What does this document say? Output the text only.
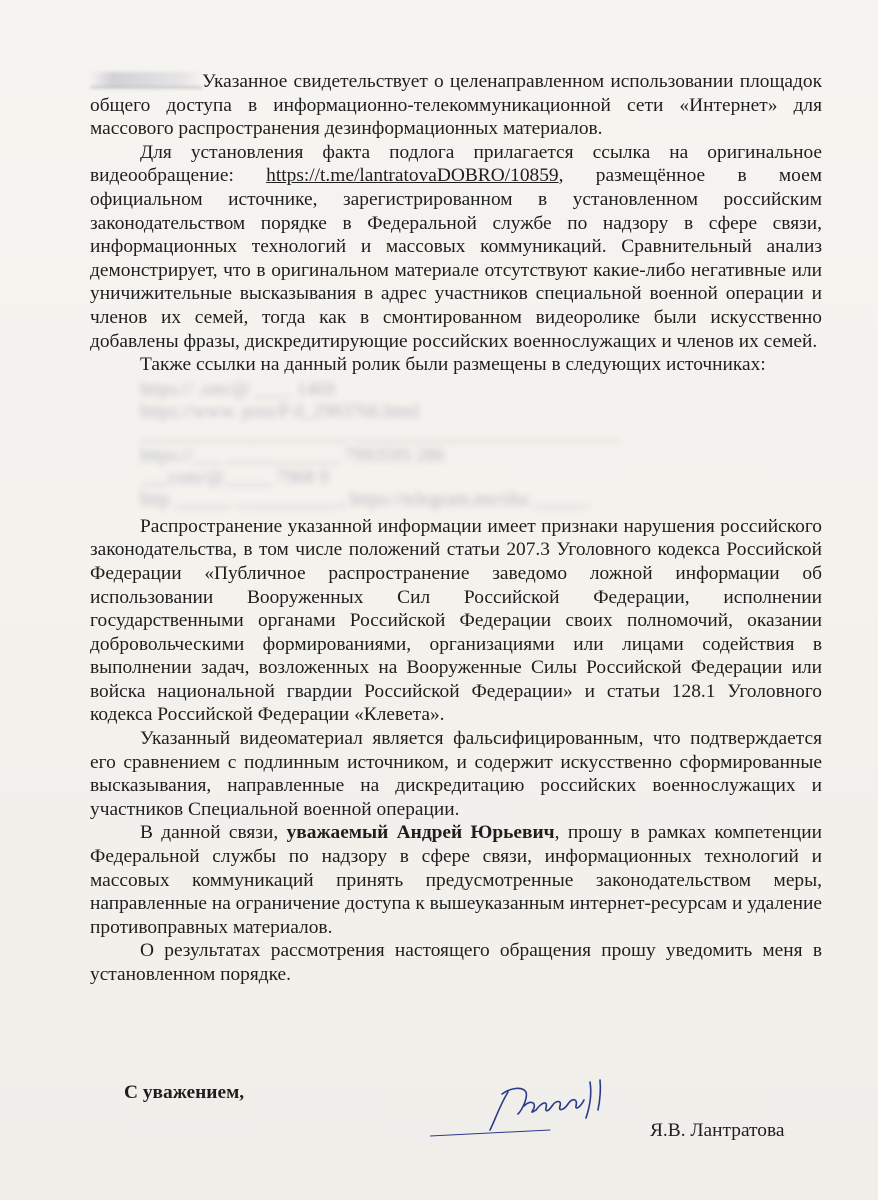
Указанное свидетельствует о целенаправленном использовании площадок общего доступа в информационно-телекоммуникационной сети «Интернет» для массового распространения дезинформационных материалов.

Для установления факта подлога прилагается ссылка на оригинальное видеообращение: https://t.me/lantratovaDOBRO/10859, размещённое в моем официальном источнике, зарегистрированном в установленном российским законодательством порядке в Федеральной службе по надзору в сфере связи, информационных технологий и массовых коммуникаций. Сравнительный анализ демонстрирует, что в оригинальном материале отсутствуют какие-либо негативные или уничижительные высказывания в адрес участников специальной военной операции и членов их семей, тогда как в смонтированном видеоролике были искусственно добавлены фразы, дискредитирующие российских военнослужащих и членов их семей.

Также ссылки на данный ролик были размещены в следующих источниках:

https:// .om/@ ____ 1469
https://www. post/P d_2983766.html
______________________ ____________________________
https://___ ____________ 7993595 286
___com/@_____ 7968 9
http ______ ___________, https://telegram.me/sha ______

Распространение указанной информации имеет признаки нарушения российского законодательства, в том числе положений статьи 207.3 Уголовного кодекса Российской Федерации «Публичное распространение заведомо ложной информации об использовании Вооруженных Сил Российской Федерации, исполнении государственными органами Российской Федерации своих полномочий, оказании добровольческими формированиями, организациями или лицами содействия в выполнении задач, возложенных на Вооруженные Силы Российской Федерации или войска национальной гвардии Российской Федерации» и статьи 128.1 Уголовного кодекса Российской Федерации «Клевета».

Указанный видеоматериал является фальсифицированным, что подтверждается его сравнением с подлинным источником, и содержит искусственно сформированные высказывания, направленные на дискредитацию российских военнослужащих и участников Специальной военной операции.

В данной связи, уважаемый Андрей Юрьевич, прошу в рамках компетенции Федеральной службы по надзору в сфере связи, информационных технологий и массовых коммуникаций принять предусмотренные законодательством меры, направленные на ограничение доступа к вышеуказанным интернет-ресурсам и удаление противоправных материалов.

О результатах рассмотрения настоящего обращения прошу уведомить меня в установленном порядке.

С уважением,
Я.В. Лантратова
